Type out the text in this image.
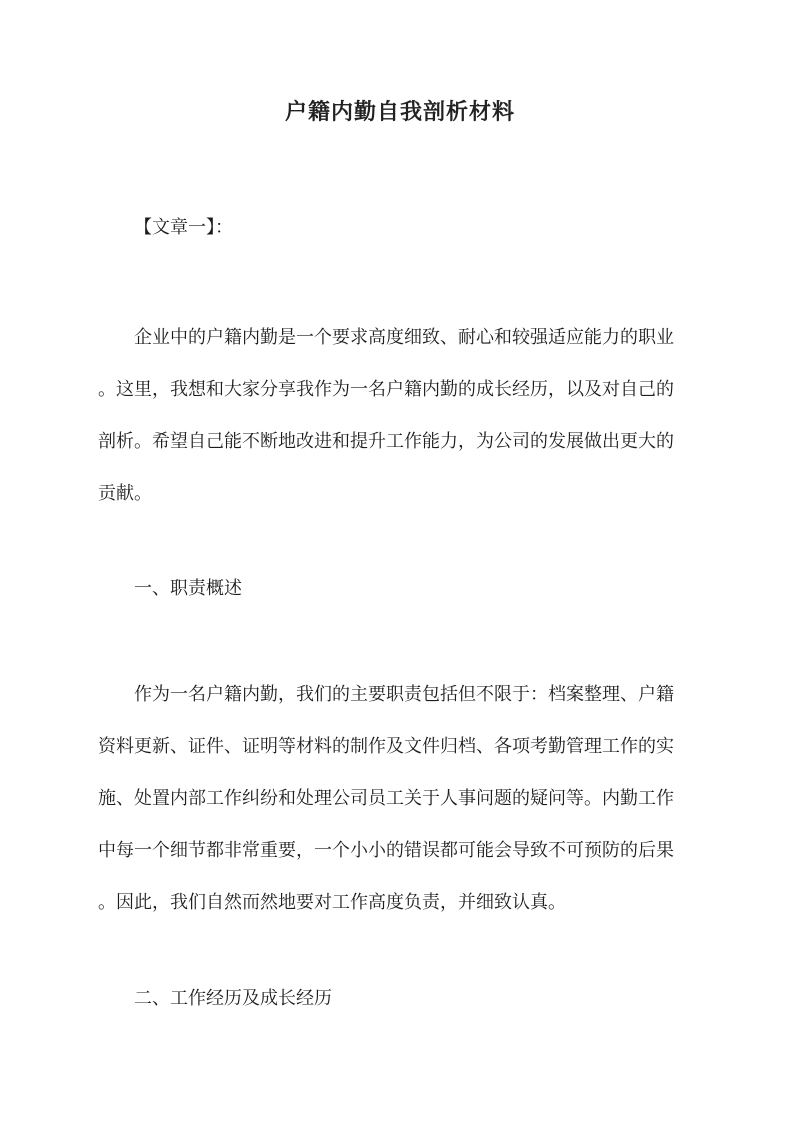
户籍内勤自我剖析材料
【文章一】：
企业中的户籍内勤是一个要求高度细致、耐心和较强适应能力的职业
。这里，我想和大家分享我作为一名户籍内勤的成长经历，以及对自己的
剖析。希望自己能不断地改进和提升工作能力，为公司的发展做出更大的
贡献。
一、职责概述
作为一名户籍内勤，我们的主要职责包括但不限于：档案整理、户籍
资料更新、证件、证明等材料的制作及文件归档、各项考勤管理工作的实
施、处置内部工作纠纷和处理公司员工关于人事问题的疑问等。内勤工作
中每一个细节都非常重要，一个小小的错误都可能会导致不可预防的后果
。因此，我们自然而然地要对工作高度负责，并细致认真。
二、工作经历及成长经历
